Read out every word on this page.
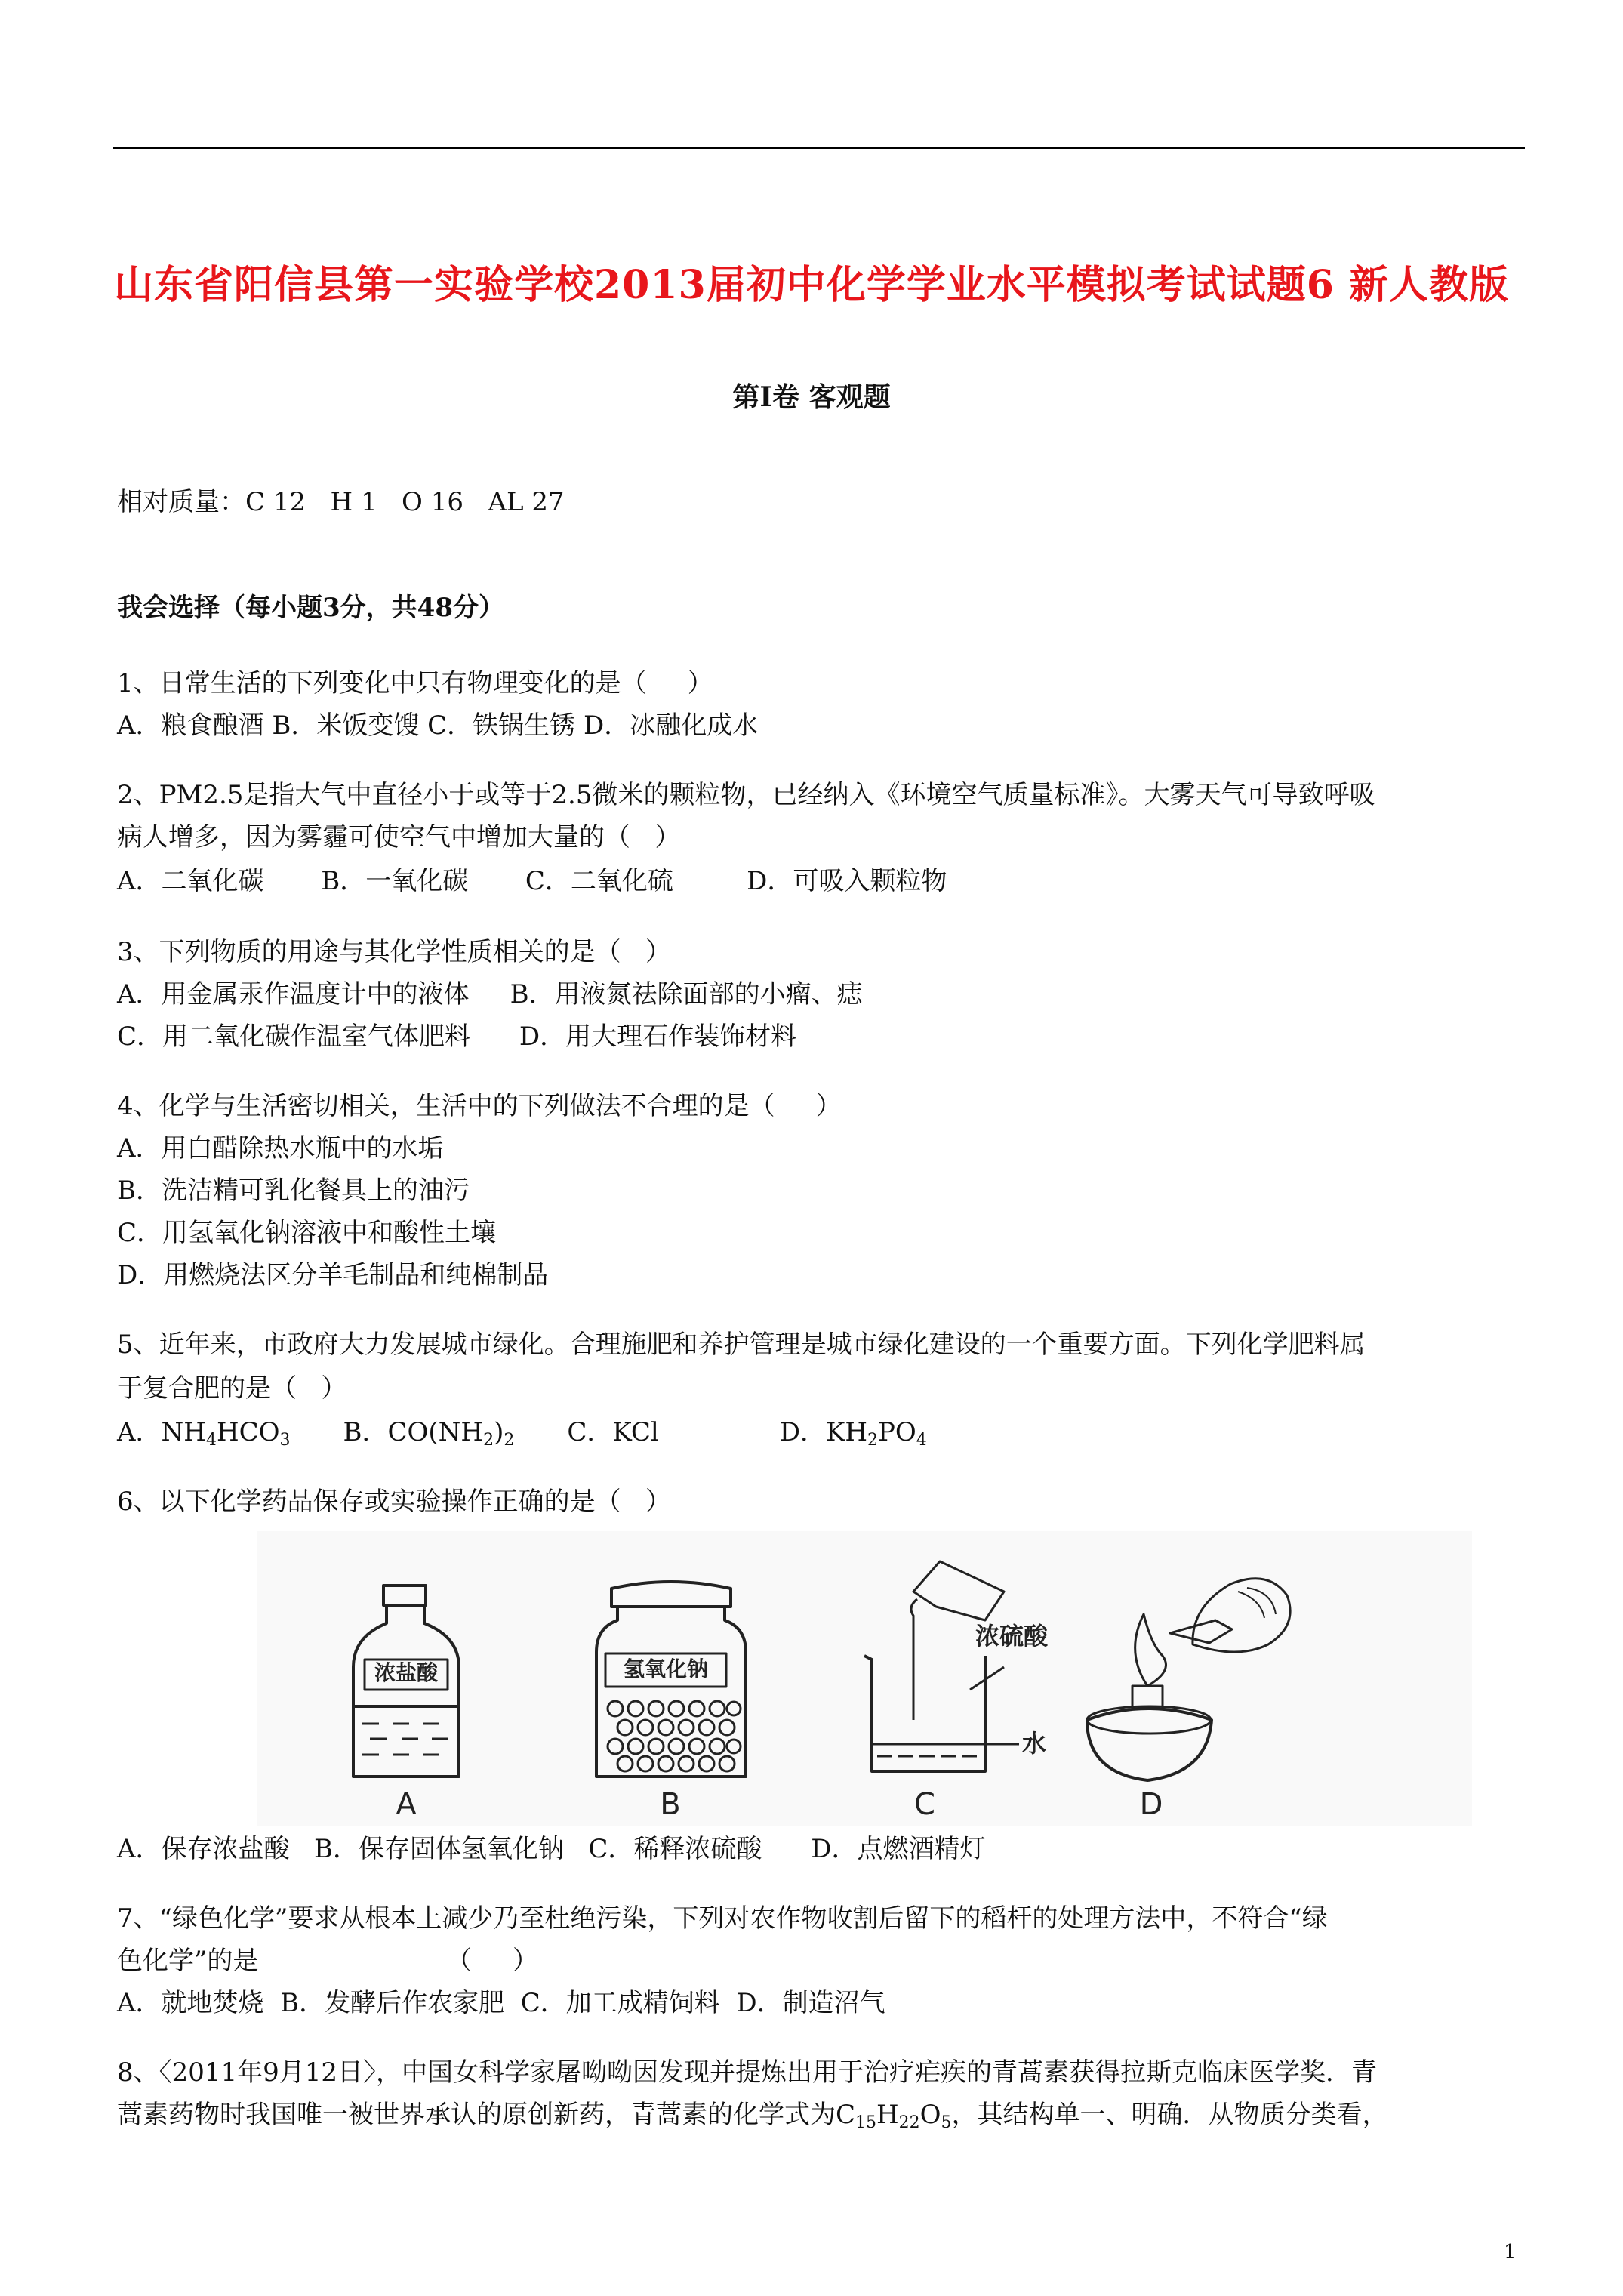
山东省阳信县第一实验学校2013届初中化学学业水平模拟考试试题6 新人教版
第Ⅰ卷 客观题
相对质量：C 12   H 1   O 16   AL 27
我会选择（每小题3分，共48分）
1、日常生活的下列变化中只有物理变化的是（     ）
A．粮食酿酒 B．米饭变馊 C．铁锅生锈 D．冰融化成水
2、PM2.5是指大气中直径小于或等于2.5微米的颗粒物，已经纳入《环境空气质量标准》。大雾天气可导致呼吸
病人增多，因为雾霾可使空气中增加大量的（   ）
A．二氧化碳       B．一氧化碳       C．二氧化硫         D．可吸入颗粒物
3、下列物质的用途与其化学性质相关的是（   ）
A．用金属汞作温度计中的液体     B．用液氮祛除面部的小瘤、痣
C．用二氧化碳作温室气体肥料      D．用大理石作装饰材料
4、化学与生活密切相关，生活中的下列做法不合理的是（     ）
A．用白醋除热水瓶中的水垢
B．洗洁精可乳化餐具上的油污
C．用氢氧化钠溶液中和酸性土壤
D．用燃烧法区分羊毛制品和纯棉制品
5、近年来，市政府大力发展城市绿化。合理施肥和养护管理是城市绿化建设的一个重要方面。下列化学肥料属
于复合肥的是（   ）
A．$NH_4HCO_3$ B．$CO(NH_2)_2$ C．KCl	D．$KH_2PO_4$
6、以下化学药品保存或实验操作正确的是（   ）
浓盐酸	氢氧化钠
浓硫酸
水
A	B	C	D
A．保存浓盐酸   B．保存固体氢氧化钠   C．稀释浓硫酸      D．点燃酒精灯
7、“绿色化学”要求从根本上减少乃至杜绝污染，下列对农作物收割后留下的稻杆的处理方法中，不符合“绿
色化学”的是                       （     ）
A．就地焚烧  B．发酵后作农家肥  C．加工成精饲料  D．制造沼气
8、〈2011年9月12日〉，中国女科学家屠呦呦因发现并提炼出用于治疗疟疾的青蒿素获得拉斯克临床医学奖．青
蒿素药物时我国唯一被世界承认的原创新药，青蒿素的化学式为$C_{15}H_{22}O_5$，其结构单一、明确．从物质分类看，
1
